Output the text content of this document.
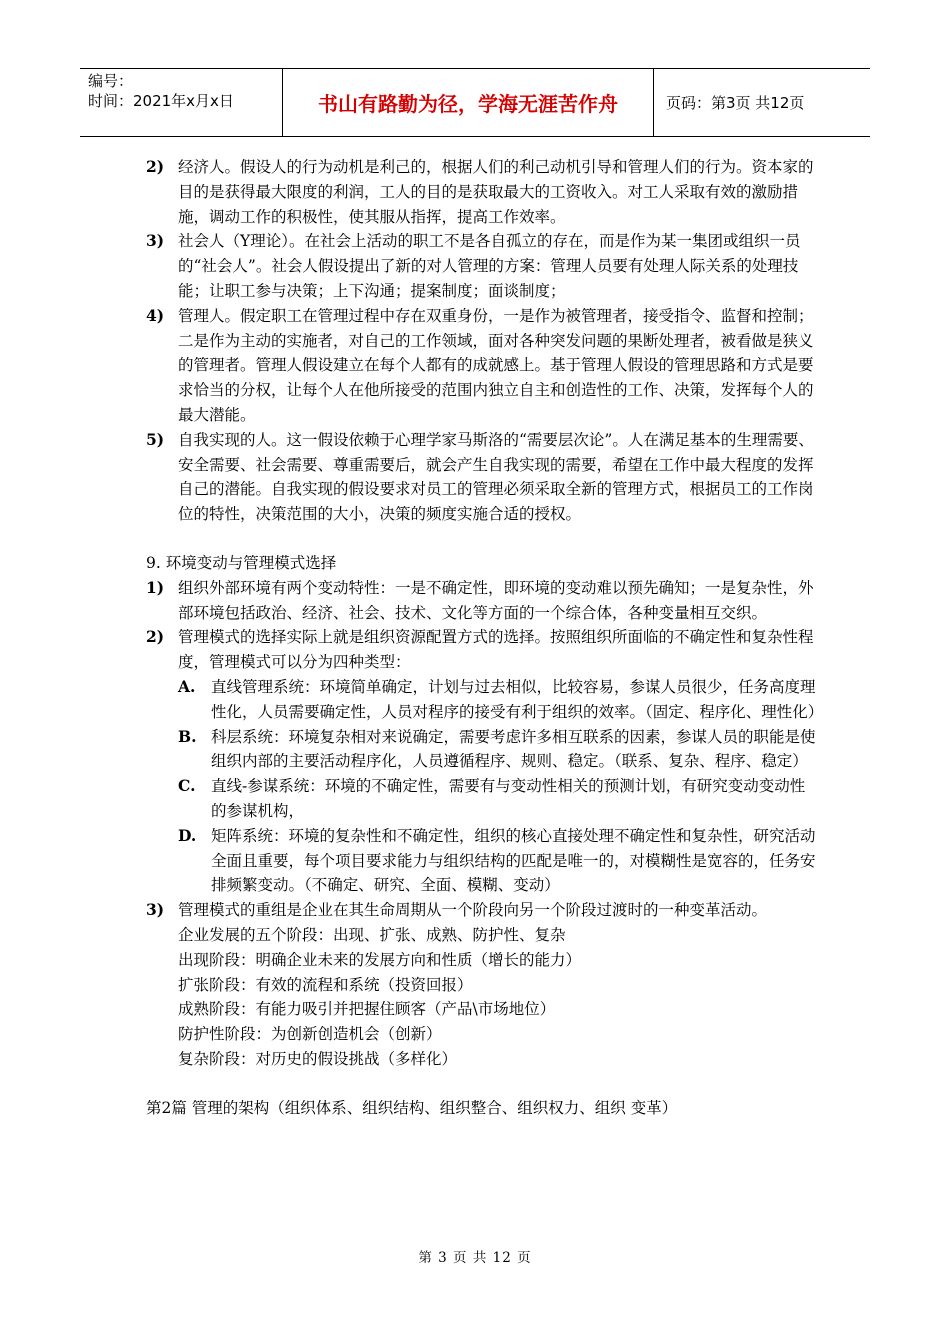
编号：
时间：2021年x月x日	书山有路勤为径，学海无涯苦作舟	页码：第3页 共12页
2) 经济人。假设人的行为动机是利己的，根据人们的利己动机引导和管理人们的行为。资本家的目的是获得最大限度的利润，工人的目的是获取最大的工资收入。对工人采取有效的激励措施，调动工作的积极性，使其服从指挥，提高工作效率。
3) 社会人（Y理论）。在社会上活动的职工不是各自孤立的存在，而是作为某一集团或组织一员的“社会人”。社会人假设提出了新的对人管理的方案：管理人员要有处理人际关系的处理技能；让职工参与决策；上下沟通；提案制度；面谈制度；
4) 管理人。假定职工在管理过程中存在双重身份，一是作为被管理者，接受指令、监督和控制；二是作为主动的实施者，对自己的工作领域，面对各种突发问题的果断处理者，被看做是狭义的管理者。管理人假设建立在每个人都有的成就感上。基于管理人假设的管理思路和方式是要求恰当的分权，让每个人在他所接受的范围内独立自主和创造性的工作、决策，发挥每个人的最大潜能。
5) 自我实现的人。这一假设依赖于心理学家马斯洛的“需要层次论”。人在满足基本的生理需要、安全需要、社会需要、尊重需要后，就会产生自我实现的需要，希望在工作中最大程度的发挥自己的潜能。自我实现的假设要求对员工的管理必须采取全新的管理方式，根据员工的工作岗位的特性，决策范围的大小，决策的频度实施合适的授权。
9. 环境变动与管理模式选择
1) 组织外部环境有两个变动特性：一是不确定性，即环境的变动难以预先确知；一是复杂性，外部环境包括政治、经济、社会、技术、文化等方面的一个综合体，各种变量相互交织。
2) 管理模式的选择实际上就是组织资源配置方式的选择。按照组织所面临的不确定性和复杂性程度，管理模式可以分为四种类型：
A.	直线管理系统：环境简单确定，计划与过去相似，比较容易，参谋人员很少，任务高度理性化，人员需要确定性，人员对程序的接受有利于组织的效率。（固定、程序化、理性化）
B. 科层系统：环境复杂相对来说确定，需要考虑许多相互联系的因素，参谋人员的职能是使组织内部的主要活动程序化，人员遵循程序、规则、稳定。（联系、复杂、程序、稳定）
C.	直线-参谋系统：环境的不确定性，需要有与变动性相关的预测计划，有研究变动变动性的参谋机构，
D. 矩阵系统：环境的复杂性和不确定性，组织的核心直接处理不确定性和复杂性，研究活动全面且重要，每个项目要求能力与组织结构的匹配是唯一的，对模糊性是宽容的，任务安排频繁变动。（不确定、研究、全面、模糊、变动）
3) 管理模式的重组是企业在其生命周期从一个阶段向另一个阶段过渡时的一种变革活动。
企业发展的五个阶段：出现、扩张、成熟、防护性、复杂
出现阶段：明确企业未来的发展方向和性质（增长的能力）
扩张阶段：有效的流程和系统（投资回报）
成熟阶段：有能力吸引并把握住顾客（产品\市场地位）
防护性阶段：为创新创造机会（创新）
复杂阶段：对历史的假设挑战（多样化）
第2篇 管理的架构（组织体系、组织结构、组织整合、组织权力、组织 变革）
第 3 页 共 12 页
